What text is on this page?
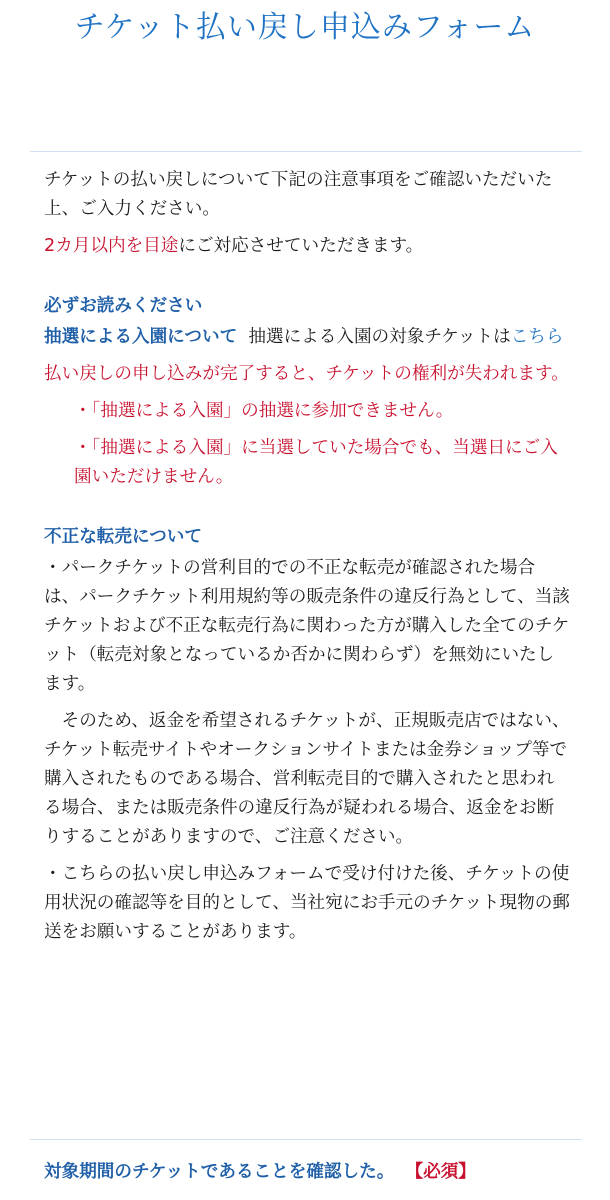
チケット払い戻し申込みフォーム

チケットの払い戻しについて下記の注意事項をご確認いただいた上、ご入力ください。

2カ月以内を目途にご対応させていただきます。

必ずお読みください

抽選による入園について 抽選による入園の対象チケットはこちら

払い戻しの申し込みが完了すると、チケットの権利が失われます。

・「抽選による入園」の抽選に参加できません。
・「抽選による入園」に当選していた場合でも、当選日にご入園いただけません。

不正な転売について

・パークチケットの営利目的での不正な転売が確認された場合は、パークチケット利用規約等の販売条件の違反行為として、当該チケットおよび不正な転売行為に関わった方が購入した全てのチケット（転売対象となっているか否かに関わらず）を無効にいたします。

そのため、返金を希望されるチケットが、正規販売店ではない、チケット転売サイトやオークションサイトまたは金券ショップ等で購入されたものである場合、営利転売目的で購入されたと思われる場合、または販売条件の違反行為が疑われる場合、返金をお断りすることがありますので、ご注意ください。

・こちらの払い戻し申込みフォームで受け付けた後、チケットの使用状況の確認等を目的として、当社宛にお手元のチケット現物の郵送をお願いすることがあります。

対象期間のチケットであることを確認した。 【必須】
